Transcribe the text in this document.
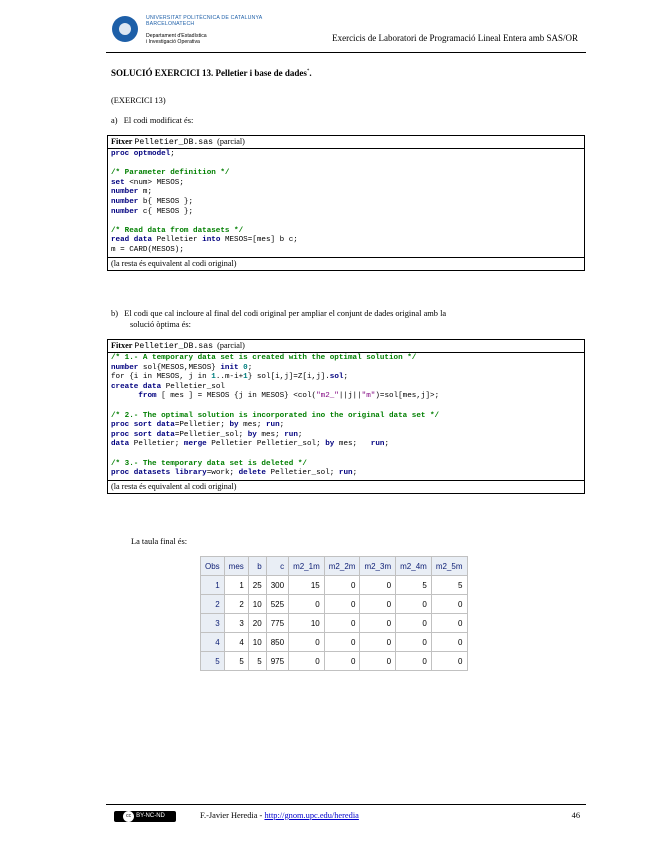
UNIVERSITAT POLITÈCNICA DE CATALUNYA
BARCELONATECH
Departament d'Estadística
i Investigació Operativa	Exercicis de Laboratori de Programació Lineal Entera amb SAS/OR
SOLUCIÓ EXERCICI 13. Pelletier i base de dades*.
(EXERCICI 13)
a) El codi modificat és:
Fitxer Pelletier_DB.sas (parcial)
proc optmodel;
/* Parameter definition */
set <num> MESOS;
number m;
number b{ MESOS };
number c{ MESOS };
/* Read data from datasets */
read data Pelletier into MESOS=[mes] b c;
m = CARD(MESOS);
(la resta és equivalent al codi original)
b) El codi que cal incloure al final del codi original per ampliar el conjunt de dades original amb la
solució òptima és:
Fitxer Pelletier_DB.sas (parcial)
/* 1.- A temporary data set is created with the optimal solution */
number sol{MESOS,MESOS} init 0;
for {i in MESOS, j in 1..m-i+1} sol[i,j]=Z[i,j].sol;
create data Pelletier_sol
from [ mes ] = MESOS {j in MESOS} <col("m2_"||j||"m")=sol[mes,j]>;
/* 2.- The optimal solution is incorporated ino the original data set */
proc sort data=Pelletier; by mes; run;
proc sort data=Pelletier_sol; by mes; run;
data Pelletier; merge Pelletier Pelletier_sol; by mes;   run;
/* 3.- The temporary data set is deleted */
proc datasets library=work; delete Pelletier_sol; run;
(la resta és equivalent al codi original)
La taula final és:
Obs	mes	b	c	m2_1m	m2_2m	m2_3m	m2_4m	m2_5m
1	1	25	300	15	0	0	5	5
2	2	10	525	0	0	0	0	0
3	3	20	775	10	0	0	0	0
4	4	10	850	0	0	0	0	0
5	5	5	975	0	0	0	0	0
cc BY-NC-ND	F.-Javier Heredia - http://gnom.upc.edu/heredia	46
